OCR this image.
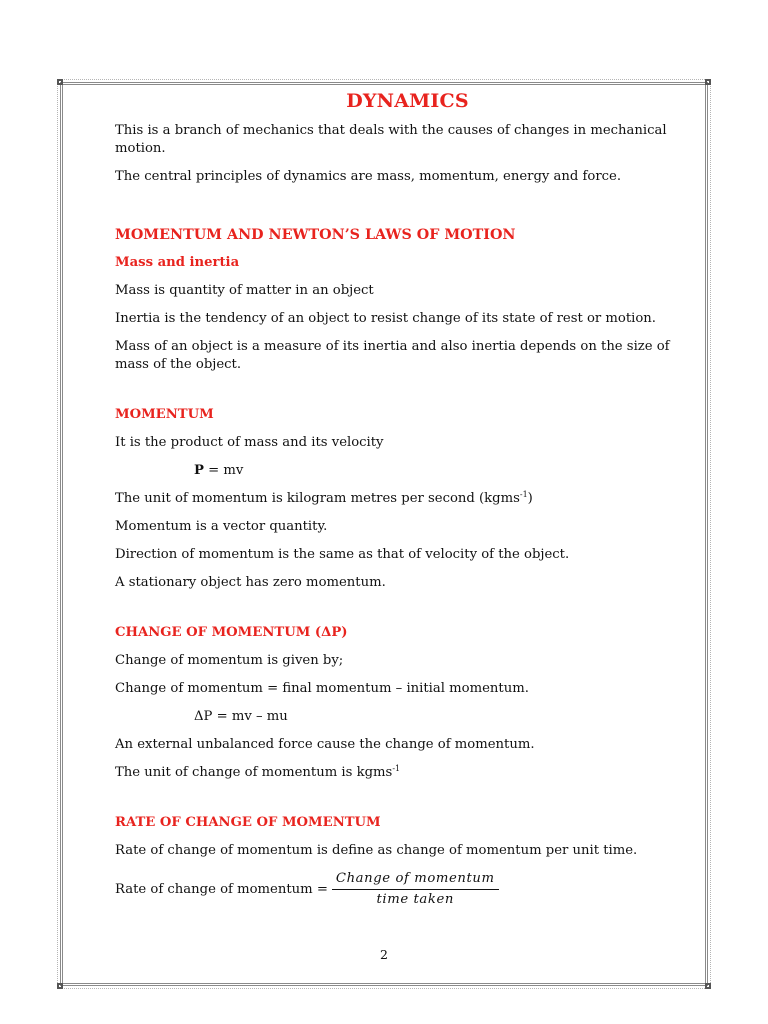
DYNAMICS

This is a branch of mechanics that deals with the causes of changes in mechanical motion.

The central principles of dynamics are mass, momentum, energy and force.

MOMENTUM AND NEWTON’S LAWS OF MOTION
Mass and inertia

Mass is quantity of matter in an object

Inertia is the tendency of an object to resist change of its state of rest or motion.

Mass of an object is a measure of its inertia and also inertia depends on the size of mass of the object.

MOMENTUM

It is the product of mass and its velocity

P = mv

The unit of momentum is kilogram metres per second (kgms$^{-1}$)

Momentum is a vector quantity.

Direction of momentum is the same as that of velocity of the object.

A stationary object has zero momentum.

CHANGE OF MOMENTUM (ΔP)

Change of momentum is given by;

Change of momentum = final momentum – initial momentum.

ΔP = mv – mu

An external unbalanced force cause the change of momentum.

The unit of change of momentum is kgms$^{-1}$

RATE OF CHANGE OF MOMENTUM

Rate of change of momentum is define as change of momentum per unit time.

Rate of change of momentum = $\frac{\text{Change of momentum}}{\text{time taken}}$
2
